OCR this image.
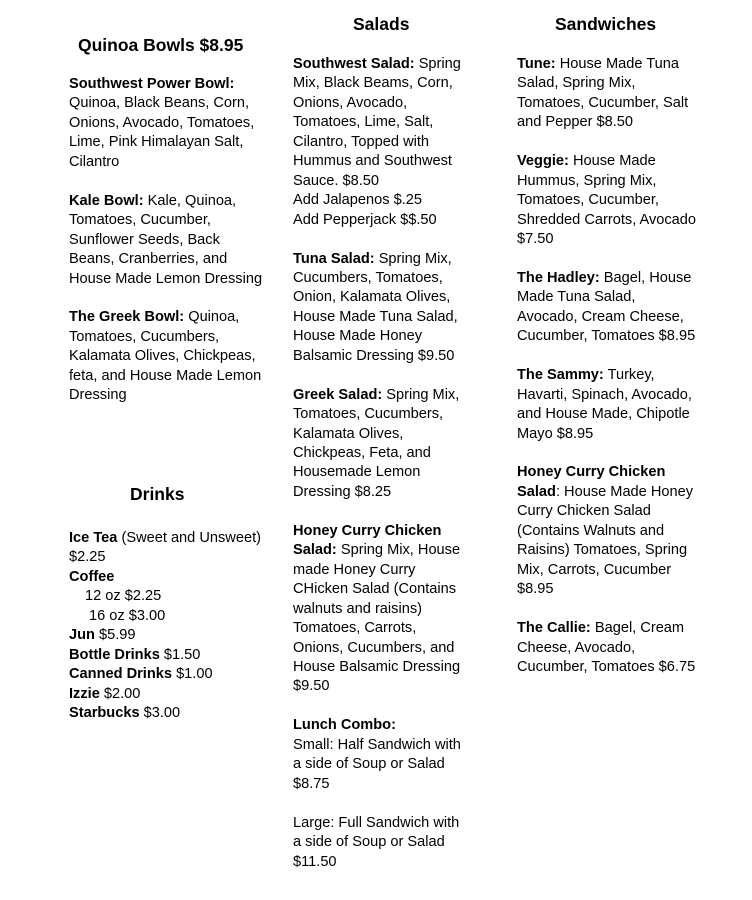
Quinoa Bowls $8.95
Southwest Power Bowl: Quinoa, Black Beans, Corn, Onions, Avocado, Tomatoes, Lime, Pink Himalayan Salt, Cilantro
Kale Bowl: Kale, Quinoa, Tomatoes, Cucumber, Sunflower Seeds, Back Beans, Cranberries, and House Made Lemon Dressing
The Greek Bowl: Quinoa, Tomatoes, Cucumbers, Kalamata Olives, Chickpeas, feta, and House Made Lemon Dressing
Drinks
Ice Tea (Sweet and Unsweet) $2.25
Coffee
12 oz $2.25
16 oz $3.00
Jun $5.99
Bottle Drinks $1.50
Canned Drinks $1.00
Izzie $2.00
Starbucks $3.00
Salads
Southwest Salad: Spring Mix, Black Beams, Corn, Onions, Avocado, Tomatoes, Lime, Salt, Cilantro, Topped with Hummus and Southwest Sauce. $8.50
Add Jalapenos $.25
Add Pepperjack $$.50
Tuna Salad: Spring Mix, Cucumbers, Tomatoes, Onion, Kalamata Olives, House Made Tuna Salad, House Made Honey Balsamic Dressing $9.50
Greek Salad: Spring Mix, Tomatoes, Cucumbers, Kalamata Olives, Chickpeas, Feta, and Housemade Lemon Dressing $8.25
Honey Curry Chicken Salad: Spring Mix, House made Honey Curry CHicken Salad (Contains walnuts and raisins) Tomatoes, Carrots, Onions, Cucumbers, and House Balsamic Dressing $9.50
Lunch Combo:
Small: Half Sandwich with a side of Soup or Salad $8.75
Large: Full Sandwich with a side of Soup or Salad $11.50
Sandwiches
Tune: House Made Tuna Salad, Spring Mix, Tomatoes, Cucumber, Salt and Pepper $8.50
Veggie: House Made Hummus, Spring Mix, Tomatoes, Cucumber, Shredded Carrots, Avocado $7.50
The Hadley: Bagel, House Made Tuna Salad, Avocado, Cream Cheese, Cucumber, Tomatoes $8.95
The Sammy: Turkey, Havarti, Spinach, Avocado, and House Made, Chipotle Mayo $8.95
Honey Curry Chicken Salad: House Made Honey Curry Chicken Salad (Contains Walnuts and Raisins) Tomatoes, Spring Mix, Carrots, Cucumber $8.95
The Callie: Bagel, Cream Cheese, Avocado, Cucumber, Tomatoes $6.75
